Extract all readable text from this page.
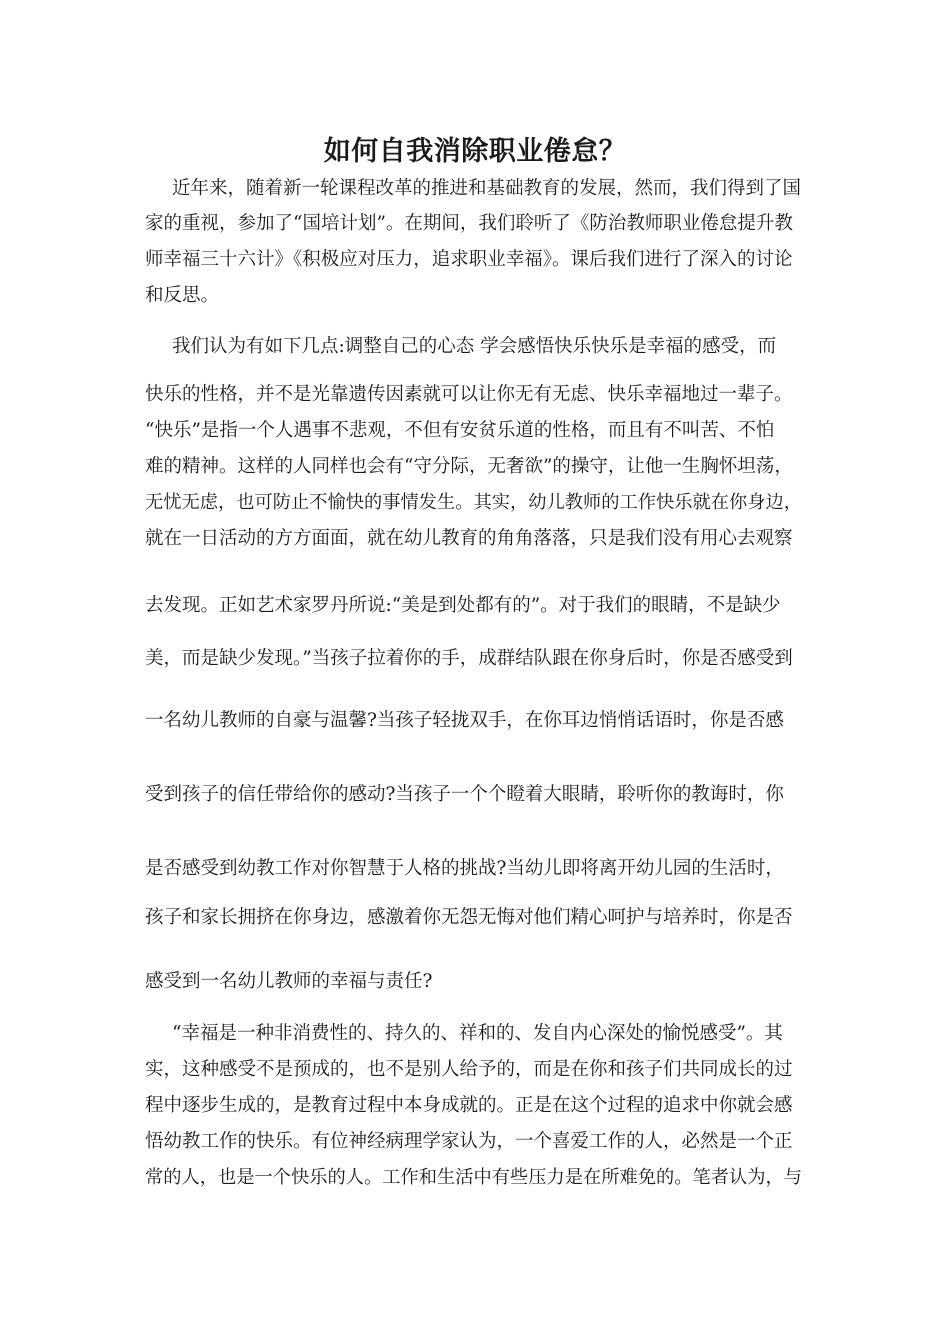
如何自我消除职业倦怠？
近年来，随着新一轮课程改革的推进和基础教育的发展，然而，我们得到了国
家的重视，参加了“国培计划”。在期间，我们聆听了《防治教师职业倦怠提升教
师幸福三十六计》《积极应对压力，追求职业幸福》。课后我们进行了深入的讨论
和反思。
我们认为有如下几点:调整自己的心态 学会感悟快乐快乐是幸福的感受，而
快乐的性格，并不是光靠遗传因素就可以让你无有无虑、快乐幸福地过一辈子。
“快乐”是指一个人遇事不悲观，不但有安贫乐道的性格，而且有不叫苦、不怕
难的精神。这样的人同样也会有“守分际，无奢欲”的操守，让他一生胸怀坦荡，
无忧无虑，也可防止不愉快的事情发生。其实，幼儿教师的工作快乐就在你身边，
就在一日活动的方方面面，就在幼儿教育的角角落落，只是我们没有用心去观察
去发现。正如艺术家罗丹所说:“美是到处都有的”。对于我们的眼睛，不是缺少
美，而是缺少发现。”当孩子拉着你的手，成群结队跟在你身后时，你是否感受到
一名幼儿教师的自豪与温馨?当孩子轻拢双手，在你耳边悄悄话语时，你是否感
受到孩子的信任带给你的感动?当孩子一个个瞪着大眼睛，聆听你的教诲时，你
是否感受到幼教工作对你智慧于人格的挑战?当幼儿即将离开幼儿园的生活时，
孩子和家长拥挤在你身边，感激着你无怨无悔对他们精心呵护与培养时，你是否
感受到一名幼儿教师的幸福与责任?
“幸福是一种非消费性的、持久的、祥和的、发自内心深处的愉悦感受”。其
实，这种感受不是预成的，也不是别人给予的，而是在你和孩子们共同成长的过
程中逐步生成的，是教育过程中本身成就的。正是在这个过程的追求中你就会感
悟幼教工作的快乐。有位神经病理学家认为，一个喜爱工作的人，必然是一个正
常的人，也是一个快乐的人。工作和生活中有些压力是在所难免的。笔者认为，与
